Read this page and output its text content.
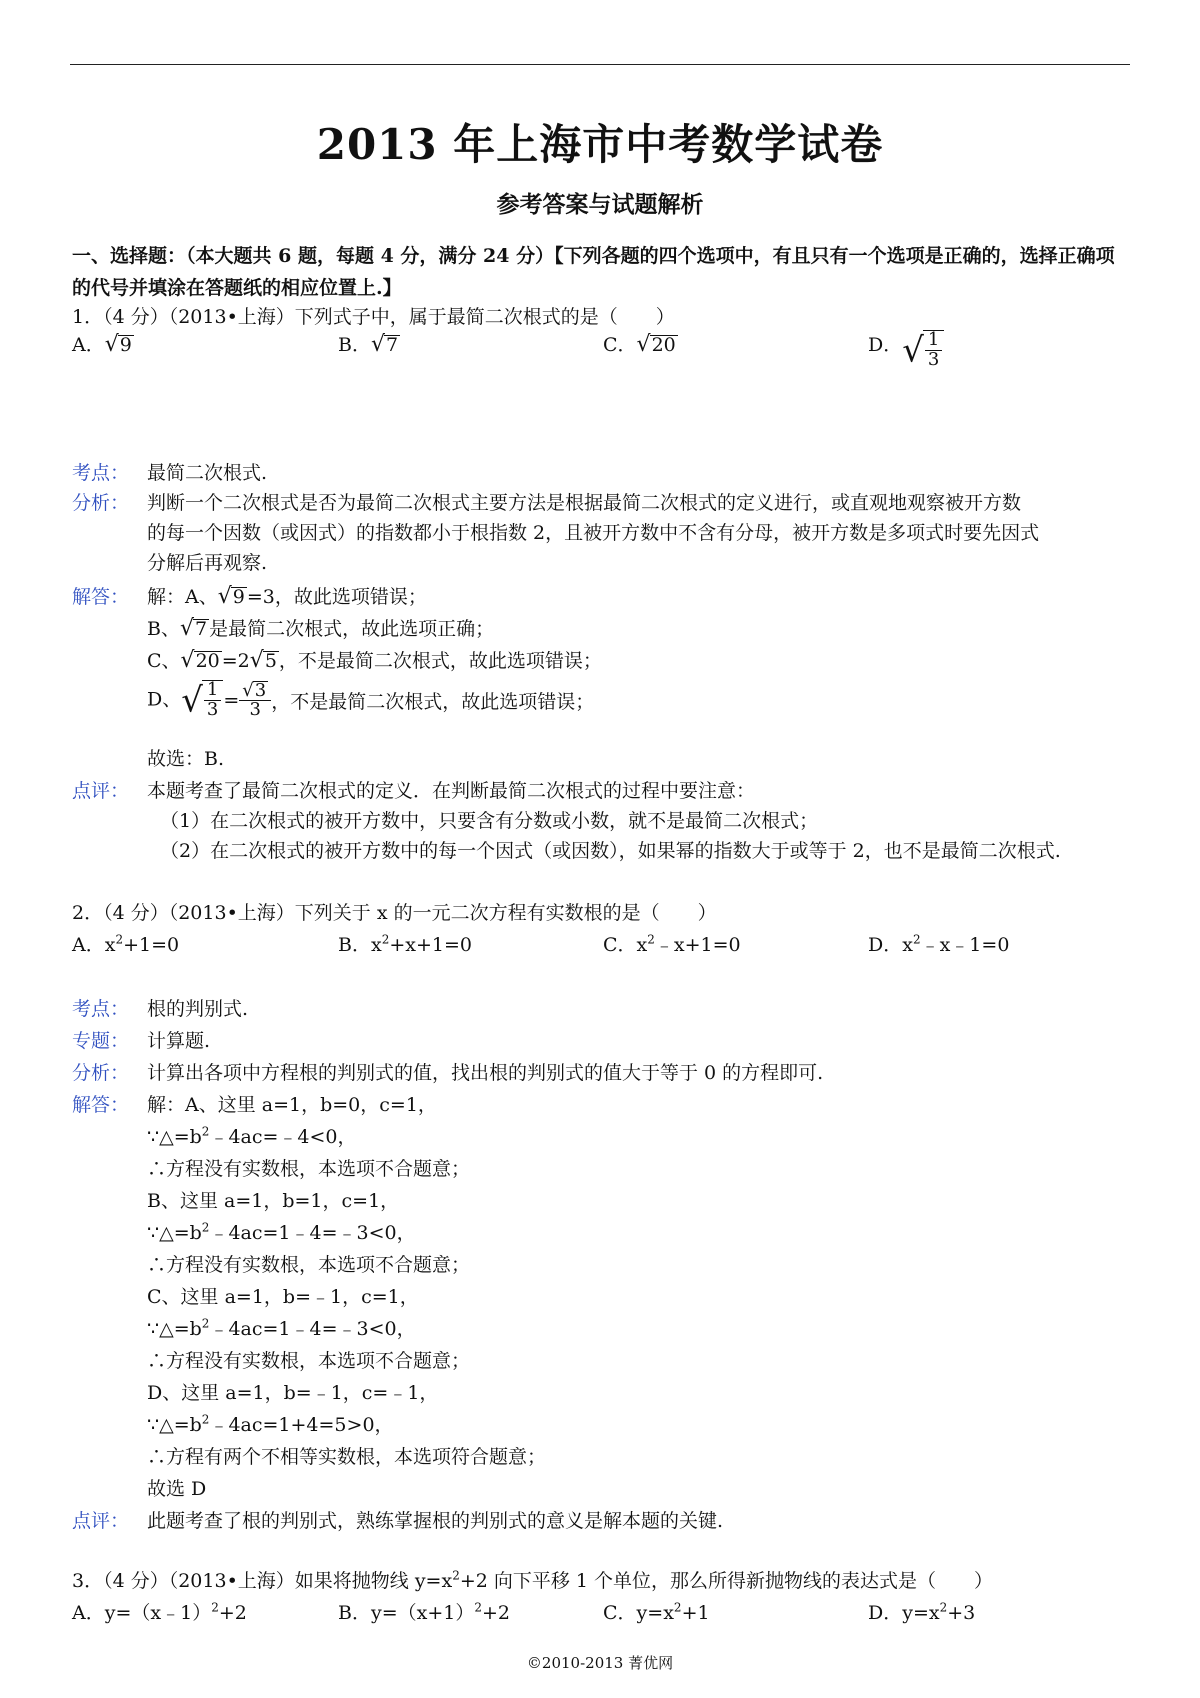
2013 年上海市中考数学试卷
参考答案与试题解析
一、选择题：（本大题共 6 题，每题 4 分，满分 24 分）【下列各题的四个选项中，有且只有一个选项是正确的，选择正确项的代号并填涂在答题纸的相应位置上.】
1．（4 分）（2013•上海）下列式子中，属于最简二次根式的是（　　）
A．√9	B．√7	C．√20	D．√ $\frac{1}{3}$
考点： 最简二次根式.
分析： 判断一个二次根式是否为最简二次根式主要方法是根据最简二次根式的定义进行，或直观地观察被开方数
的每一个因数（或因式）的指数都小于根指数 2，且被开方数中不含有分母，被开方数是多项式时要先因式
分解后再观察.
解答： 解：A、√9 =3，故此选项错误；
B、√7 是最简二次根式，故此选项正确；
C、√20 =2√5 ，不是最简二次根式，故此选项错误；
D、√ $\frac{1}{3} = \frac{√3}{3}$ ，不是最简二次根式，故此选项错误；
故选：B.
点评： 本题考查了最简二次根式的定义．在判断最简二次根式的过程中要注意：
（1）在二次根式的被开方数中，只要含有分数或小数，就不是最简二次根式；
（2）在二次根式的被开方数中的每一个因式（或因数），如果幂的指数大于或等于 2，也不是最简二次根式.
2．（4 分）（2013•上海）下列关于 x 的一元二次方程有实数根的是（　　）
A．$x^2+1=0$	B．$x^2+x+1=0$	C．$x^2﹣x+1=0$	D．$x^2﹣x﹣1=0$
考点： 根的判别式.
专题： 计算题.
分析： 计算出各项中方程根的判别式的值，找出根的判别式的值大于等于 0 的方程即可.
解答： 解：A、这里 a=1，b=0，c=1，
$\because\triangle=b^2﹣4ac=﹣4<0$，
∴方程没有实数根，本选项不合题意；
B、这里 a=1，b=1，c=1，
$\because\triangle=b^2﹣4ac=1﹣4=﹣3<0$，
∴方程没有实数根，本选项不合题意；
C、这里 a=1，b=﹣1，c=1，
$\because\triangle=b^2﹣4ac=1﹣4=﹣3<0$，
∴方程没有实数根，本选项不合题意；
D、这里 a=1，b=﹣1，c=﹣1，
$\because\triangle=b^2﹣4ac=1+4=5>0$，
∴方程有两个不相等实数根，本选项符合题意；
故选 D
点评： 此题考查了根的判别式，熟练掌握根的判别式的意义是解本题的关键.
3．（4 分）（2013•上海）如果将抛物线 $y=x^2+2$ 向下平移 1 个单位，那么所得新抛物线的表达式是（　　）
A．y=（x﹣1）$^2$+2	B．$y=(x+1)^2+2$	C．$y=x^2+1$	D．$y=x^2+3$
©2010-2013 菁优网
